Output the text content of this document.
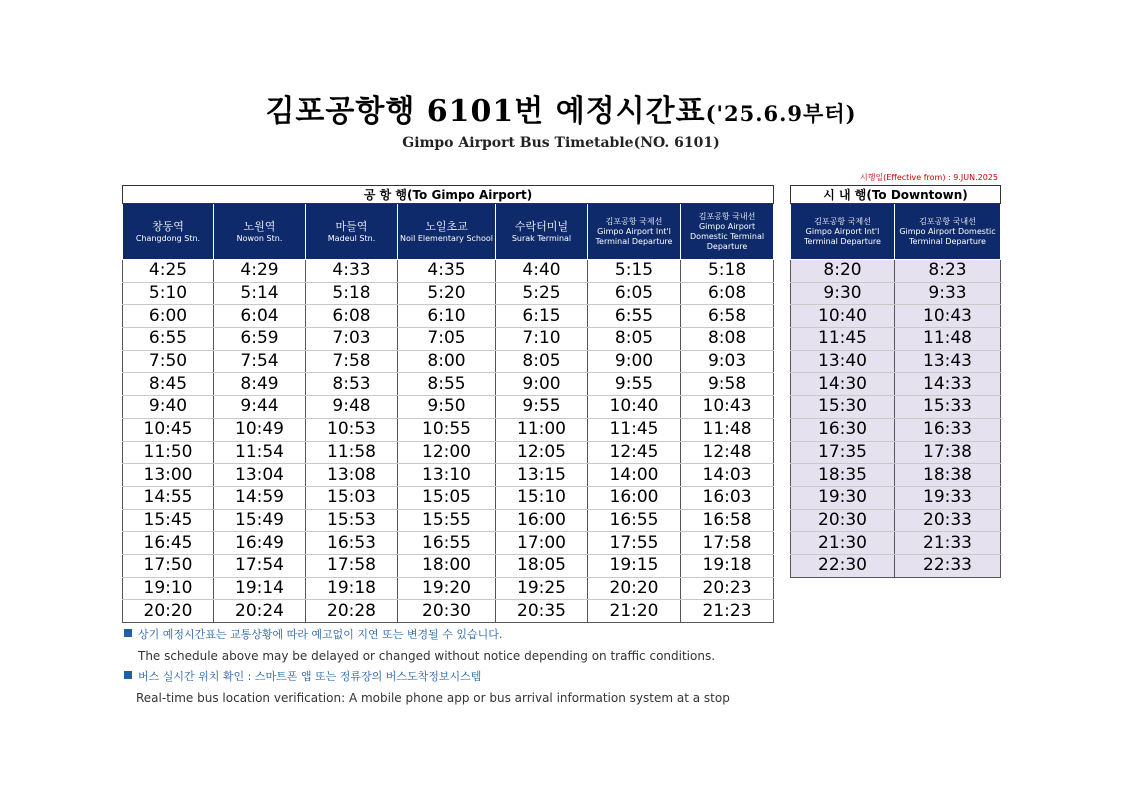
김포공항행 6101번 예정시간표('25.6.9부터)
Gimpo Airport Bus Timetable(NO. 6101)
시행일(Effective from) : 9.JUN.2025
공 항 행(To Gimpo Airport)						

창동역
Changdong Stn.	노원역
Nowon Stn.	마들역
Madeul Stn.	노일초교
Noil Elementary School	수락터미널
Surak Terminal	김포공항 국제선
Gimpo Airport Int'l Terminal Departure	김포공항 국내선
Gimpo Airport Domestic Terminal Departure

4:25	4:29	4:33	4:35	4:40	5:15	5:18
5:10	5:14	5:18	5:20	5:25	6:05	6:08
6:00	6:04	6:08	6:10	6:15	6:55	6:58
6:55	6:59	7:03	7:05	7:10	8:05	8:08
7:50	7:54	7:58	8:00	8:05	9:00	9:03
8:45	8:49	8:53	8:55	9:00	9:55	9:58
9:40	9:44	9:48	9:50	9:55	10:40	10:43
10:45	10:49	10:53	10:55	11:00	11:45	11:48
11:50	11:54	11:58	12:00	12:05	12:45	12:48
13:00	13:04	13:08	13:10	13:15	14:00	14:03
14:55	14:59	15:03	15:05	15:10	16:00	16:03
15:45	15:49	15:53	15:55	16:00	16:55	16:58
16:45	16:49	16:53	16:55	17:00	17:55	17:58
17:50	17:54	17:58	18:00	18:05	19:15	19:18
19:10	19:14	19:18	19:20	19:25	20:20	20:23
20:20	20:24	20:28	20:30	20:35	21:20	21:23
시 내 행(To Downtown)	

김포공항 국제선
Gimpo Airport Int'l Terminal Departure	김포공항 국내선
Gimpo Airport Domestic Terminal Departure

8:20	8:23
9:30	9:33
10:40	10:43
11:45	11:48
13:40	13:43
14:30	14:33
15:30	15:33
16:30	16:33
17:35	17:38
18:35	18:38
19:30	19:33
20:30	20:33
21:30	21:33
22:30	22:33
상기 예정시간표는 교통상황에 따라 예고없이 지연 또는 변경될 수 있습니다.
The schedule above may be delayed or changed without notice depending on traffic conditions.
버스 실시간 위치 확인 : 스마트폰 앱 또는 정류장의 버스도착정보시스템
Real-time bus location verification: A mobile phone app or bus arrival information system at a stop
